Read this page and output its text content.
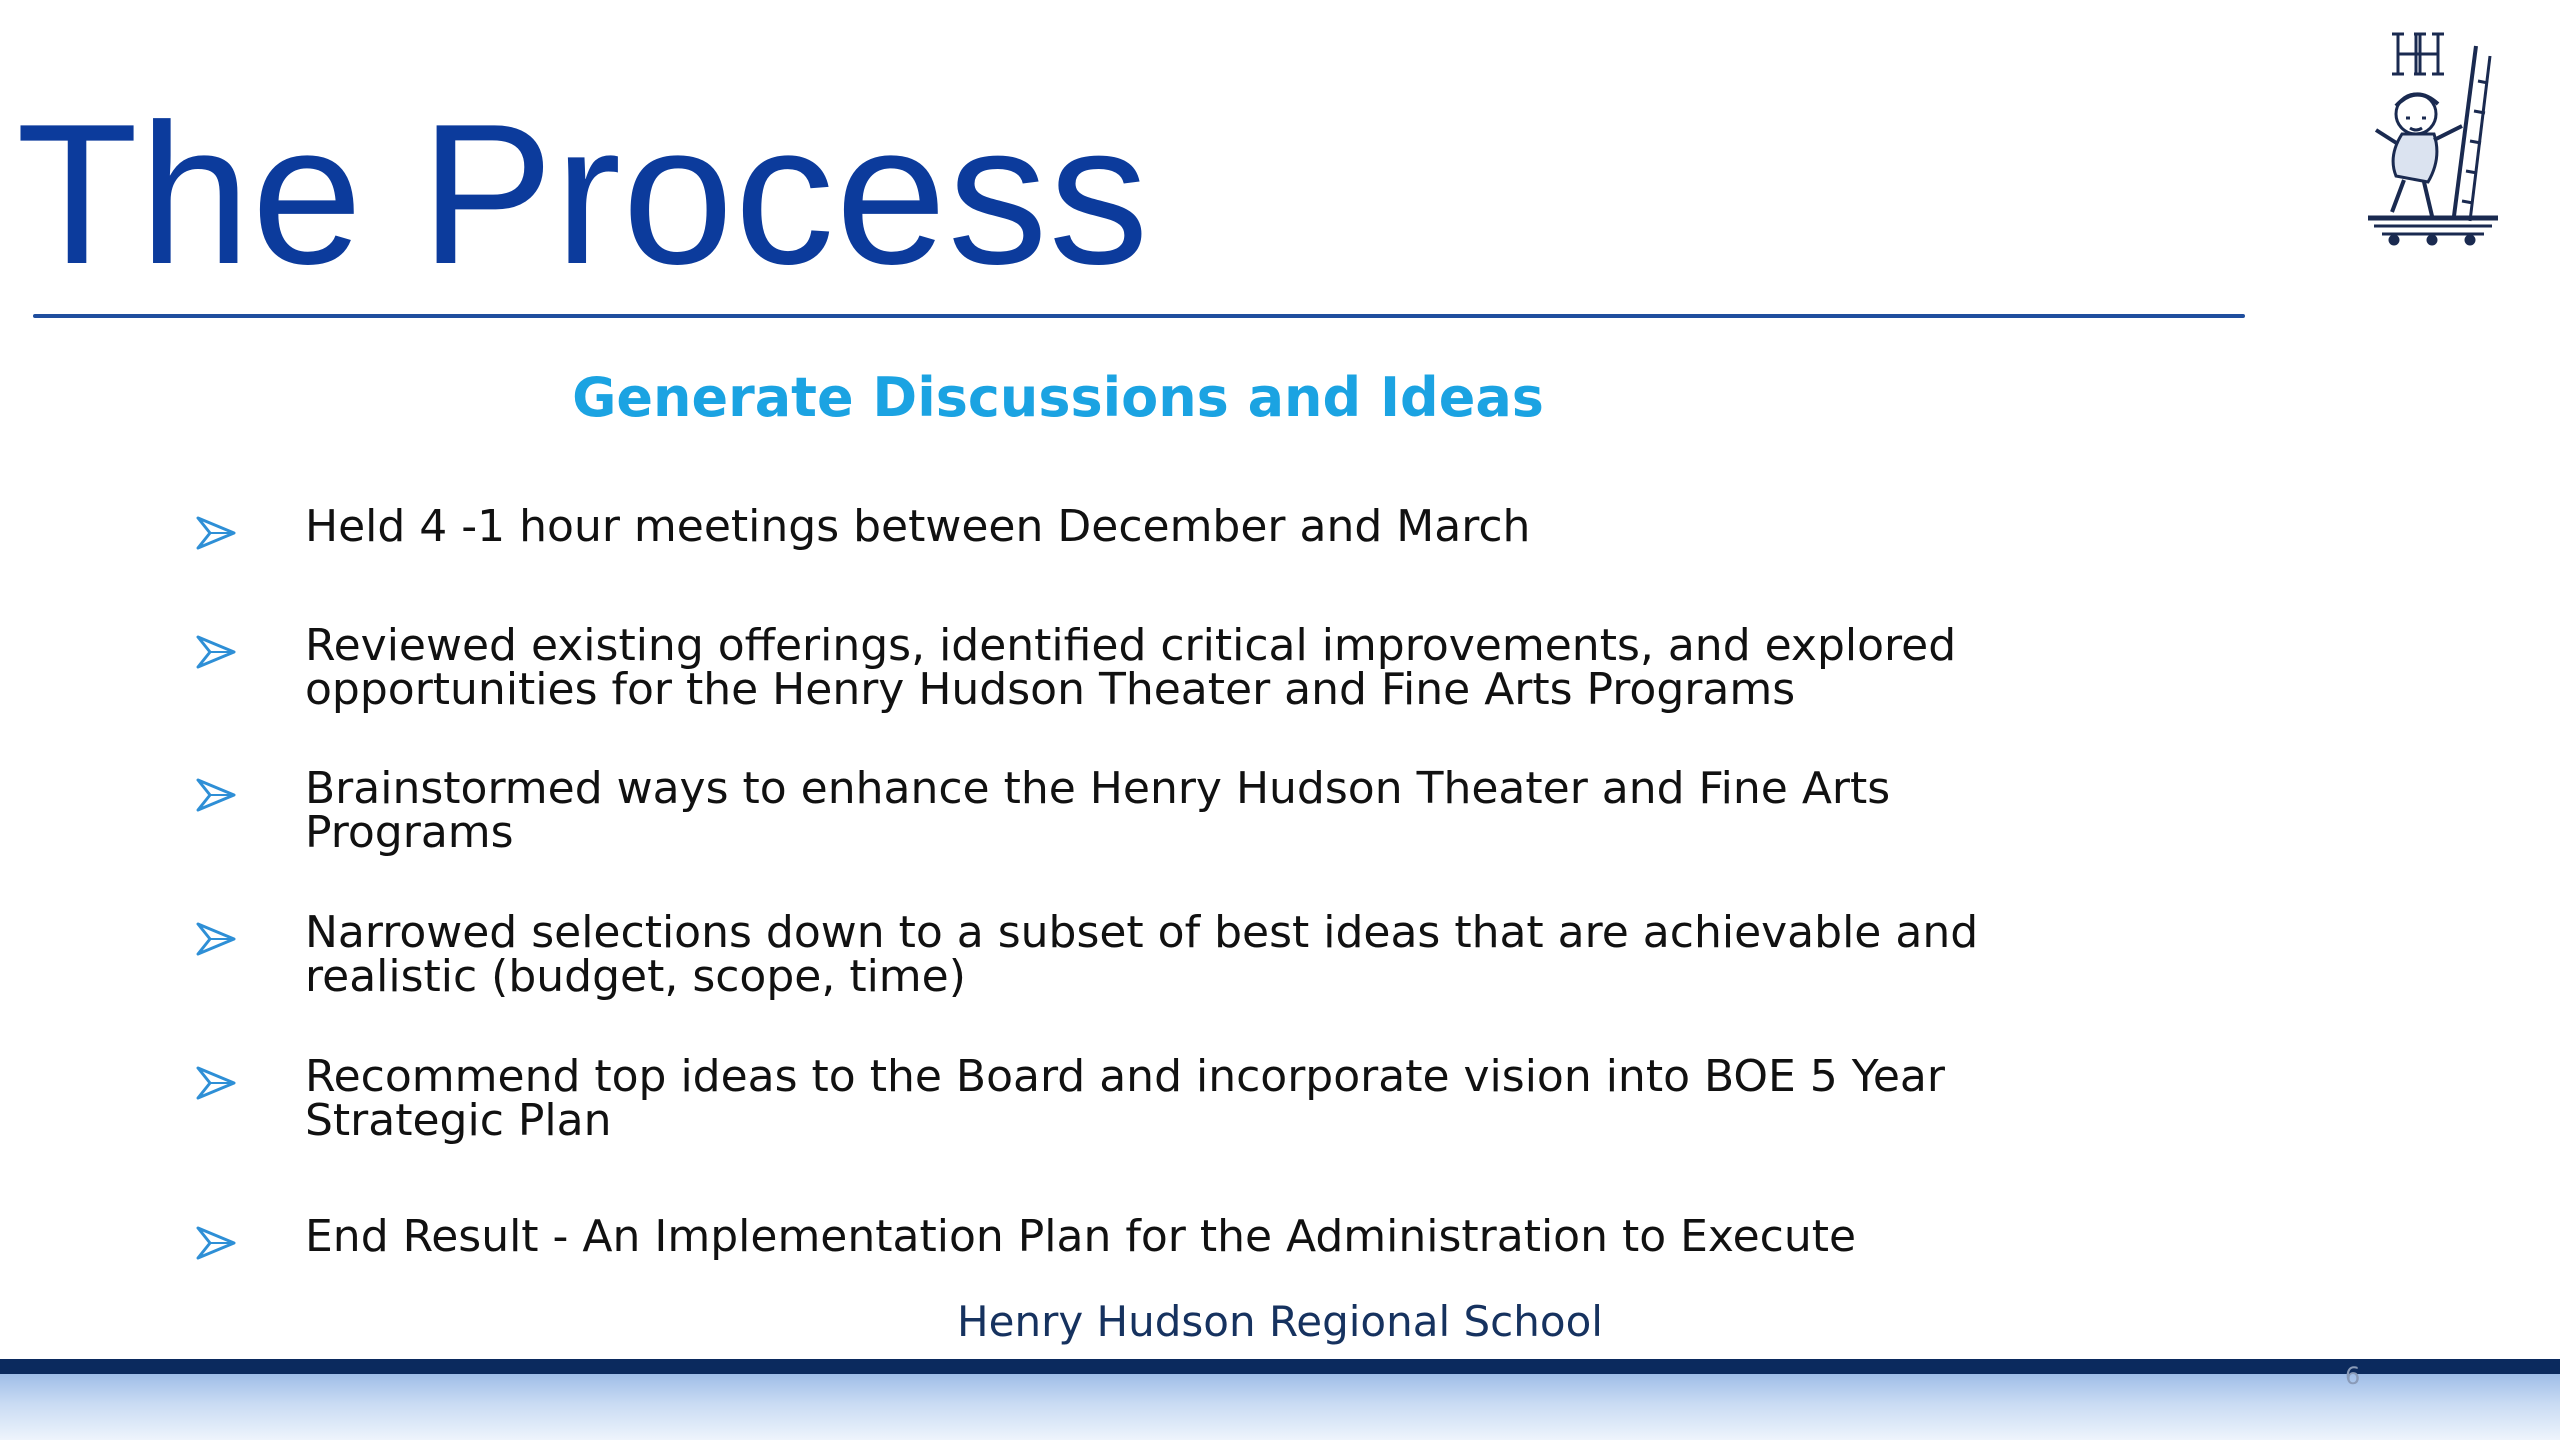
The Process
Generate Discussions and Ideas
Held 4 -1 hour meetings between December and March
Reviewed existing offerings, identified critical improvements, and explored opportunities for the Henry Hudson Theater and Fine Arts Programs
Brainstormed ways to enhance the Henry Hudson Theater and Fine Arts Programs
Narrowed selections down to a subset of best ideas that are achievable and realistic (budget, scope, time)
Recommend top ideas to the Board and incorporate vision into BOE 5 Year Strategic Plan
End Result - An Implementation Plan for the Administration to Execute
Henry Hudson Regional School
6
